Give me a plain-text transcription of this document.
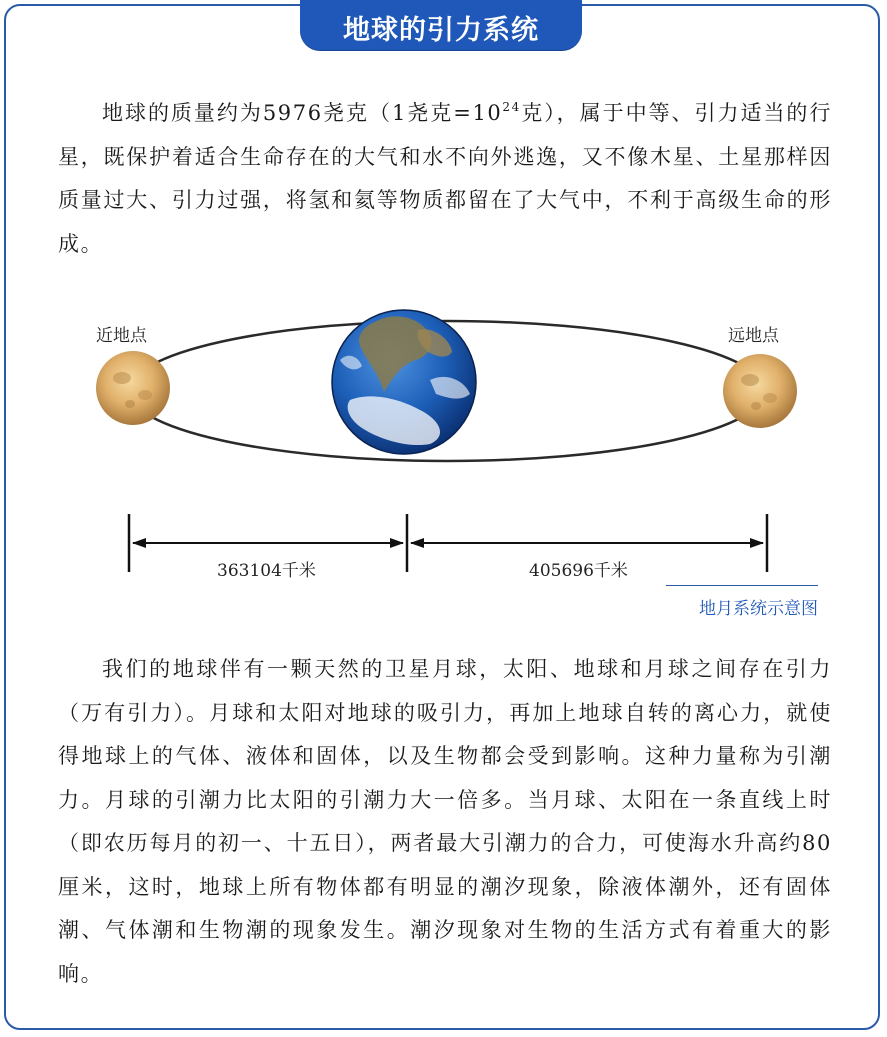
地球的引力系统

地球的质量约为5976尧克（1尧克$=10^{24}$克），属于中等、引力适当的行星，既保护着适合生命存在的大气和水不向外逃逸，又不像木星、土星那样因质量过大、引力过强，将氢和氦等物质都留在了大气中，不利于高级生命的形成。

近地点	远地点
363104千米	405696千米
地月系统示意图

我们的地球伴有一颗天然的卫星月球，太阳、地球和月球之间存在引力（万有引力）。月球和太阳对地球的吸引力，再加上地球自转的离心力，就使得地球上的气体、液体和固体，以及生物都会受到影响。这种力量称为引潮力。月球的引潮力比太阳的引潮力大一倍多。当月球、太阳在一条直线上时（即农历每月的初一、十五日），两者最大引潮力的合力，可使海水升高约80厘米，这时，地球上所有物体都有明显的潮汐现象，除液体潮外，还有固体潮、气体潮和生物潮的现象发生。潮汐现象对生物的生活方式有着重大的影响。
